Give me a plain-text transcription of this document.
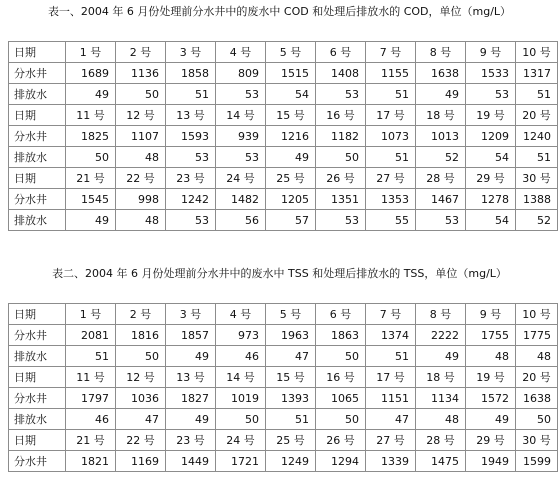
表一、2004 年 6 月份处理前分水井中的废水中 COD 和处理后排放水的 COD，单位（mg/L）
日期	1 号	2 号	3 号	4 号	5 号	6 号	7 号	8 号	9 号	10 号
分水井	1689	1136	1858	809	1515	1408	1155	1638	1533	1317
排放水	49	50	51	53	54	53	51	49	53	51
日期	11 号	12 号	13 号	14 号	15 号	16 号	17 号	18 号	19 号	20 号
分水井	1825	1107	1593	939	1216	1182	1073	1013	1209	1240
排放水	50	48	53	53	49	50	51	52	54	51
日期	21 号	22 号	23 号	24 号	25 号	26 号	27 号	28 号	29 号	30 号
分水井	1545	998	1242	1482	1205	1351	1353	1467	1278	1388
排放水	49	48	53	56	57	53	55	53	54	52
表二、2004 年 6 月份处理前分水井中的废水中 TSS 和处理后排放水的 TSS，单位（mg/L）
日期	1 号	2 号	3 号	4 号	5 号	6 号	7 号	8 号	9 号	10 号
分水井	2081	1816	1857	973	1963	1863	1374	2222	1755	1775
排放水	51	50	49	46	47	50	51	49	48	48
日期	11 号	12 号	13 号	14 号	15 号	16 号	17 号	18 号	19 号	20 号
分水井	1797	1036	1827	1019	1393	1065	1151	1134	1572	1638
排放水	46	47	49	50	51	50	47	48	49	50
日期	21 号	22 号	23 号	24 号	25 号	26 号	27 号	28 号	29 号	30 号
分水井	1821	1169	1449	1721	1249	1294	1339	1475	1949	1599
